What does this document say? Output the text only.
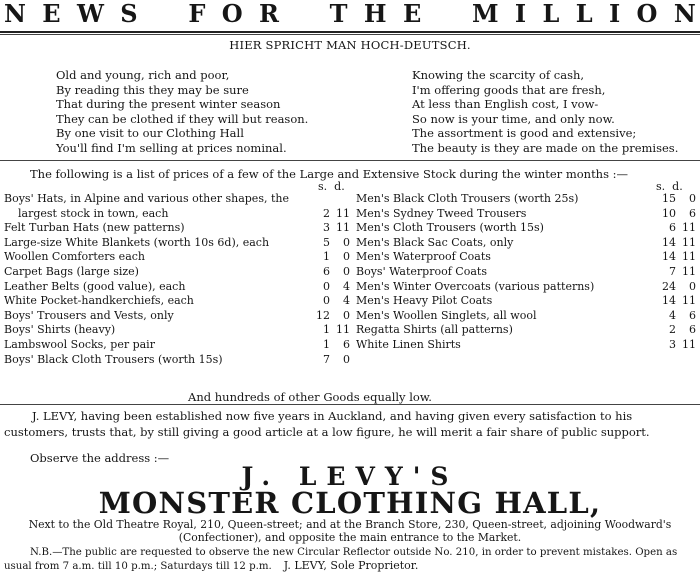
N E W S F O R T H E M I L L I O N
HIER SPRICHT MAN HOCH-DEUTSCH.
Old and young, rich and poor,
By reading this they may be sure
That during the present winter season
They can be clothed if they will but reason.
By one visit to our Clothing Hall
You'll find I'm selling at prices nominal.
Knowing the scarcity of cash,
I'm offering goods that are fresh,
At less than English cost, I vow-
So now is your time, and only now.
The assortment is good and extensive;
The beauty is they are made on the premises.
The following is a list of prices of a few of the Large and Extensive Stock during the winter months :—
s. d.	s. d.
Boys' Hats, in Alpine and various other shapes, the		
largest stock in town, each	2	11
Felt Turban Hats (new patterns)	3	11
Large-size White Blankets (worth 10s 6d), each	5	0
Woollen Comforters each	1	0
Carpet Bags (large size)	6	0
Leather Belts (good value), each	0	4
White Pocket-handkerchiefs, each	0	4
Boys' Trousers and Vests, only	12	0
Boys' Shirts (heavy)	1	11
Lambswool Socks, per pair	1	6
Boys' Black Cloth Trousers (worth 15s)	7	0
Men's Black Cloth Trousers (worth 25s)	15	0
Men's Sydney Tweed Trousers	10	6
Men's Cloth Trousers (worth 15s)	6	11
Men's Black Sac Coats, only	14	11
Men's Waterproof Coats	14	11
Boys' Waterproof Coats	7	11
Men's Winter Overcoats (various patterns)	24	0
Men's Heavy Pilot Coats	14	11
Men's Woollen Singlets, all wool	4	6
Regatta Shirts (all patterns)	2	6
White Linen Shirts	3	11
And hundreds of other Goods equally low.
J. LEVY, having been established now five years in Auckland, and having given every satisfaction to his customers, trusts that, by still giving a good article at a low figure, he will merit a fair share of public support.
Observe the address :—
J. LEVY'S
MONSTER CLOTHING HALL,
Next to the Old Theatre Royal, 210, Queen-street; and at the Branch Store, 230, Queen-street, adjoining Woodward's (Confectioner), and opposite the main entrance to the Market.
N.B.—The public are requested to observe the new Circular Reflector outside No. 210, in order to prevent mistakes. Open as usual from 7 a.m. till 10 p.m.; Saturdays till 12 p.m. J. LEVY, Sole Proprietor.
